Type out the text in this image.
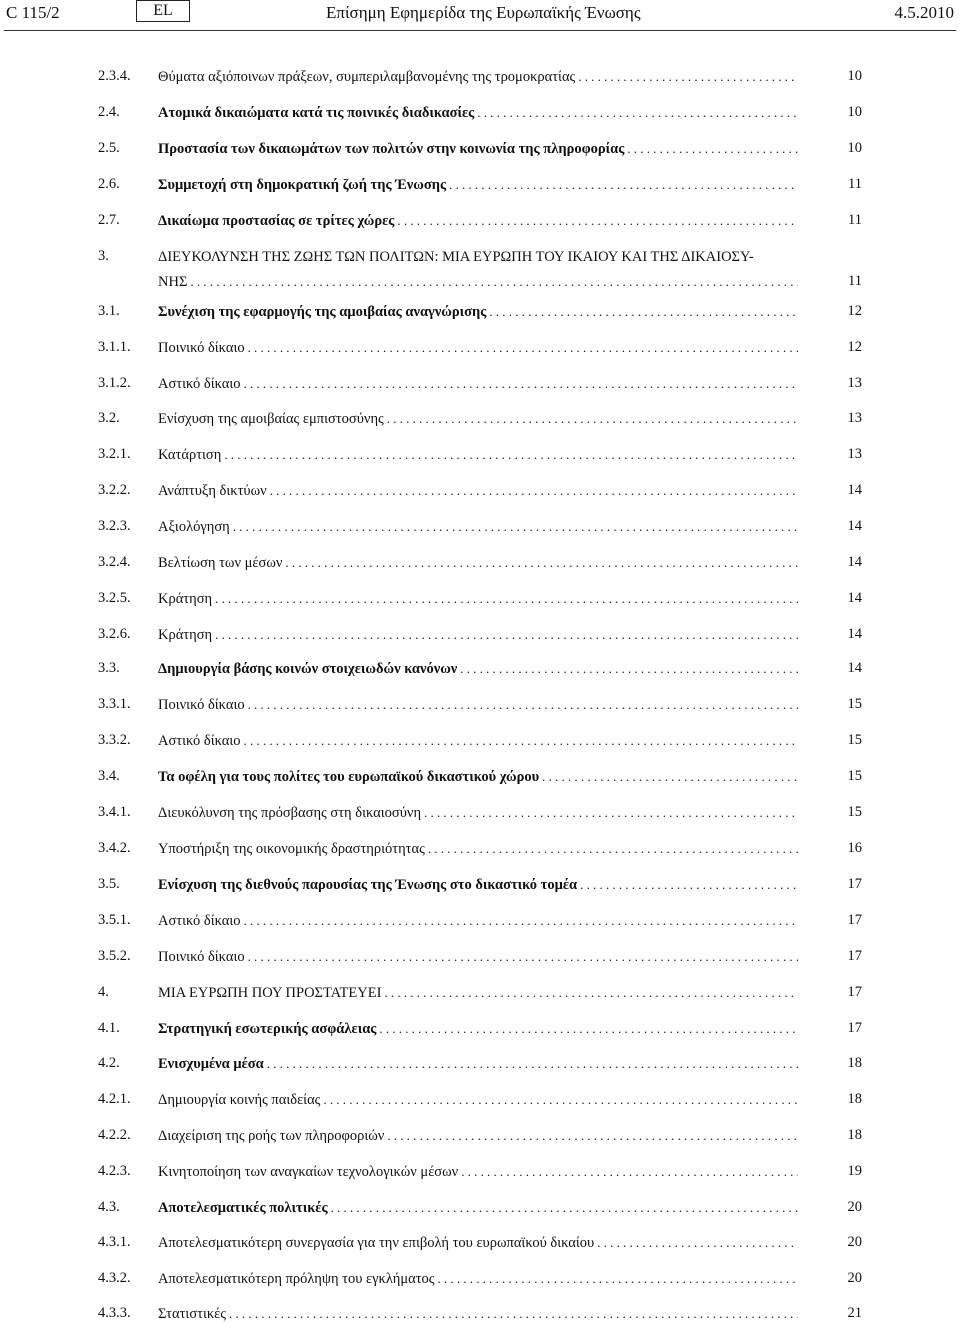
C 115/2	EL	Επίσημη Εφημερίδα της Ευρωπαϊκής Ένωσης	4.5.2010
2.3.4. Θύματα αξιόποινων πράξεων, συμπεριλαμβανομένης της τρομοκρατίας .....	10
2.4.	Ατομικά δικαιώματα κατά τις ποινικές διαδικασίες .....	10
2.5.	Προστασία των δικαιωμάτων των πολιτών στην κοινωνία της πληροφορίας .....	10
2.6.	Συμμετοχή στη δημοκρατική ζωή της Ένωσης .....	11
2.7.	Δικαίωμα προστασίας σε τρίτες χώρες .....	11
3.	ΔΙΕΥΚΟΛΥΝΣΗ ΤΗΣ ΖΩΗΣ ΤΩΝ ΠΟΛΙΤΩΝ: ΜΙΑ ΕΥΡΩΠΗ ΤΟΥ ΙΚΑΙΟΥ ΚΑΙ ΤΗΣ ΔΙΚΑΙΟΣΥ-
ΝΗΣ .....	11
3.1.	Συνέχιση της εφαρμογής της αμοιβαίας αναγνώρισης .....	12
3.1.1. Ποινικό δίκαιο .....	12
3.1.2. Αστικό δίκαιο .....	13
3.2.	Ενίσχυση της αμοιβαίας εμπιστοσύνης .....	13
3.2.1. Κατάρτιση .....	13
3.2.2. Ανάπτυξη δικτύων .....	14
3.2.3. Αξιολόγηση .....	14
3.2.4. Βελτίωση των μέσων .....	14
3.2.5. Κράτηση .....	14
3.2.6. Κράτηση .....	14
3.3.	Δημιουργία βάσης κοινών στοιχειωδών κανόνων .....	14
3.3.1. Ποινικό δίκαιο .....	15
3.3.2. Αστικό δίκαιο .....	15
3.4.	Τα οφέλη για τους πολίτες του ευρωπαϊκού δικαστικού χώρου .....	15
3.4.1. Διευκόλυνση της πρόσβασης στη δικαιοσύνη .....	15
3.4.2. Υποστήριξη της οικονομικής δραστηριότητας .....	16
3.5.	Ενίσχυση της διεθνούς παρουσίας της Ένωσης στο δικαστικό τομέα .....	17
3.5.1. Αστικό δίκαιο .....	17
3.5.2. Ποινικό δίκαιο .....	17
4.	ΜΙΑ ΕΥΡΩΠΗ ΠΟΥ ΠΡΟΣΤΑΤΕΥΕΙ .....	17
4.1.	Στρατηγική εσωτερικής ασφάλειας .....	17
4.2.	Ενισχυμένα μέσα .....	18
4.2.1. Δημιουργία κοινής παιδείας .....	18
4.2.2. Διαχείριση της ροής των πληροφοριών .....	18
4.2.3. Κινητοποίηση των αναγκαίων τεχνολογικών μέσων .....	19
4.3.	Αποτελεσματικές πολιτικές .....	20
4.3.1. Αποτελεσματικότερη συνεργασία για την επιβολή του ευρωπαϊκού δικαίου .....	20
4.3.2. Αποτελεσματικότερη πρόληψη του εγκλήματος .....	20
4.3.3. Στατιστικές .....	21
